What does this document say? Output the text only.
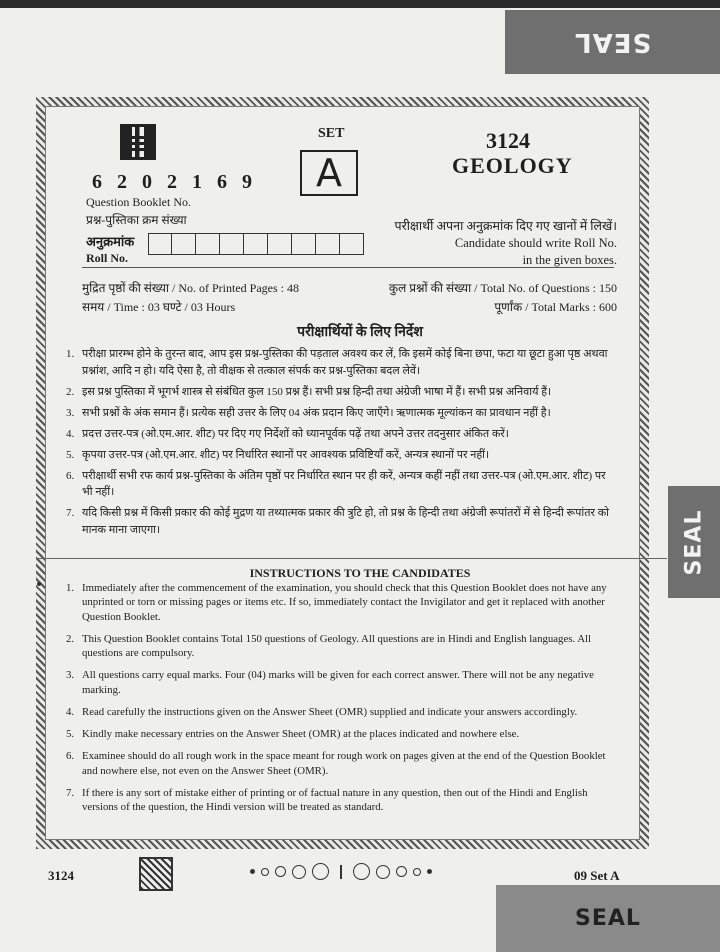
SEAL
SEAL
SEAL
6 2 0 2 1 6 9
Question Booklet No.
प्रश्न-पुस्तिका क्रम संख्या
अनुक्रमांक
Roll No.
SET
A
3124
GEOLOGY
परीक्षार्थी अपना अनुक्रमांक दिए गए खानों में लिखें।
Candidate should write Roll No.
in the given boxes.
मुद्रित पृष्ठों की संख्या / No. of Printed Pages : 48
समय / Time : 03 घण्टे / 03 Hours
कुल प्रश्नों की संख्या / Total No. of Questions : 150
पूर्णांक / Total Marks : 600
परीक्षार्थियों के लिए निर्देश
1. परीक्षा प्रारम्भ होने के तुरन्त बाद, आप इस प्रश्न-पुस्तिका की पड़ताल अवश्य कर लें, कि इसमें कोई बिना छपा, फटा या छूटा हुआ पृष्ठ अथवा प्रश्नांश, आदि न हो। यदि ऐसा है, तो वीक्षक से तत्काल संपर्क कर प्रश्न-पुस्तिका बदल लेवें।
2. इस प्रश्न पुस्तिका में भूगर्भ शास्त्र से संबंधित कुल 150 प्रश्न हैं। सभी प्रश्न हिन्दी तथा अंग्रेजी भाषा में हैं। सभी प्रश्न अनिवार्य हैं।
3. सभी प्रश्नों के अंक समान हैं। प्रत्येक सही उत्तर के लिए 04 अंक प्रदान किए जाएँगे। ऋणात्मक मूल्यांकन का प्रावधान नहीं है।
4. प्रदत्त उत्तर-पत्र (ओ.एम.आर. शीट) पर दिए गए निर्देशों को ध्यानपूर्वक पढ़ें तथा अपने उत्तर तदनुसार अंकित करें।
5. कृपया उत्तर-पत्र (ओ.एम.आर. शीट) पर निर्धारित स्थानों पर आवश्यक प्रविष्टियाँ करें, अन्यत्र स्थानों पर नहीं।
6. परीक्षार्थी सभी रफ कार्य प्रश्न-पुस्तिका के अंतिम पृष्ठों पर निर्धारित स्थान पर ही करें, अन्यत्र कहीं नहीं तथा उत्तर-पत्र (ओ.एम.आर. शीट) पर भी नहीं।
7. यदि किसी प्रश्न में किसी प्रकार की कोई मुद्रण या तथ्यात्मक प्रकार की त्रुटि हो, तो प्रश्न के हिन्दी तथा अंग्रेजी रूपांतरों में से हिन्दी रूपांतर को मानक माना जाएगा।
INSTRUCTIONS TO THE CANDIDATES
1. Immediately after the commencement of the examination, you should check that this Question Booklet does not have any unprinted or torn or missing pages or items etc. If so, immediately contact the Invigilator and get it replaced with another Question Booklet.
2. This Question Booklet contains Total 150 questions of Geology. All questions are in Hindi and English languages. All questions are compulsory.
3. All questions carry equal marks. Four (04) marks will be given for each correct answer. There will not be any negative marking.
4. Read carefully the instructions given on the Answer Sheet (OMR) supplied and indicate your answers accordingly.
5. Kindly make necessary entries on the Answer Sheet (OMR) at the places indicated and nowhere else.
6. Examinee should do all rough work in the space meant for rough work on pages given at the end of the Question Booklet and nowhere else, not even on the Answer Sheet (OMR).
7. If there is any sort of mistake either of printing or of factual nature in any question, then out of the Hindi and English versions of the question, the Hindi version will be treated as standard.
3124	09 Set A
